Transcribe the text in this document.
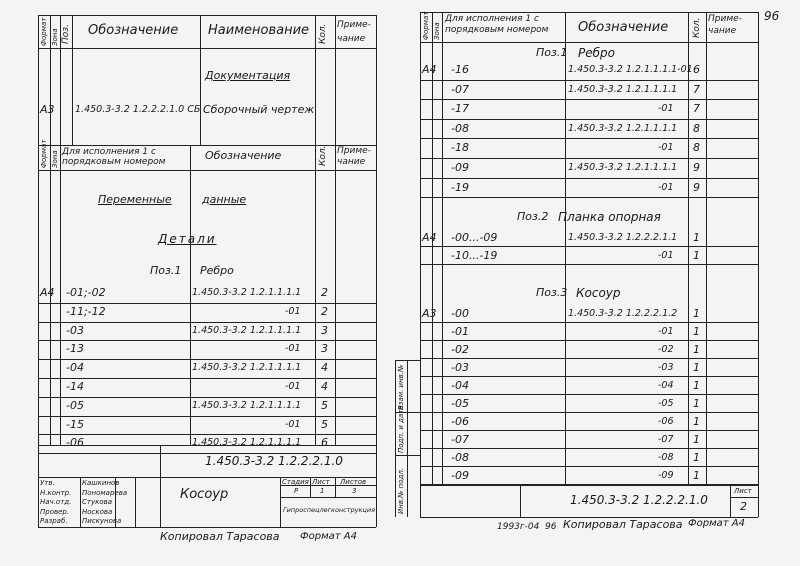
96
Формат Зона Поз. Обозначение Наименование Кол. Приме-чание
Документация
А3 1.450.3-3.2 1.2.2.2.1.0 СБ Сборочный чертеж
Формат Зона Для исполнения 1 с порядковым номером	Обозначение	Кол. Приме-чание
Переменные	данные
Детали
Поз.1 Ребро
А4 -01;-02	1.450.3-3.2 1.2.1.1.1.1 2
-11;-12	-01 2
-03	1.450.3-3.2 1.2.1.1.1.1 3
-13	-01 3
-04	1.450.3-3.2 1.2.1.1.1.1 4
-14	-01 4
-05	1.450.3-3.2 1.2.1.1.1.1 5
-15	-01 5
-06	1.450.3-3.2 1.2.1.1.1.1 6
1.450.3-3.2 1.2.2.2.1.0
Косоур
Утв.	Кашкинов
Н.контр. Пономарева
Нач.отд. Стукова
Провер. Носкова
Разраб. Пискунова
Стадия Лист Листов
Р	1	3
Гипроспецлегконструкция
Копировал Тарасова Формат А4
Формат Зона
Для исполнения 1 с порядковым номером	Обозначение	Кол. Приме-чание
Поз.1 Ребро
А4 -16	1.450.3-3.2 1.2.1.1.1.1-01 6
-07	1.450.3-3.2 1.2.1.1.1.1 7
-17	-01 7
-08	1.450.3-3.2 1.2.1.1.1.1 8
-18	-01 8
-09	1.450.3-3.2 1.2.1.1.1.1 9
-19	-01 9
Поз.2 Планка опорная
А4 -00...-09	1.450.3-3.2 1.2.2.2.1.1 1
-10...-19	-01 1
Поз.3 Косоур
А3 -00	1.450.3-3.2 1.2.2.2.1.2 1
-01	-01 1
-02	-02 1
-03	-03 1
-04	-04 1
-05	-05 1
-06	-06 1
-07	-07 1
-08	-08 1
-09	-09 1
Взам. инв.№
Подп. и дата
Инв.№ подл.	1.450.3-3.2 1.2.2.2.1.0
Лист
2
1993г-04 96 Копировал Тарасова Формат А4
